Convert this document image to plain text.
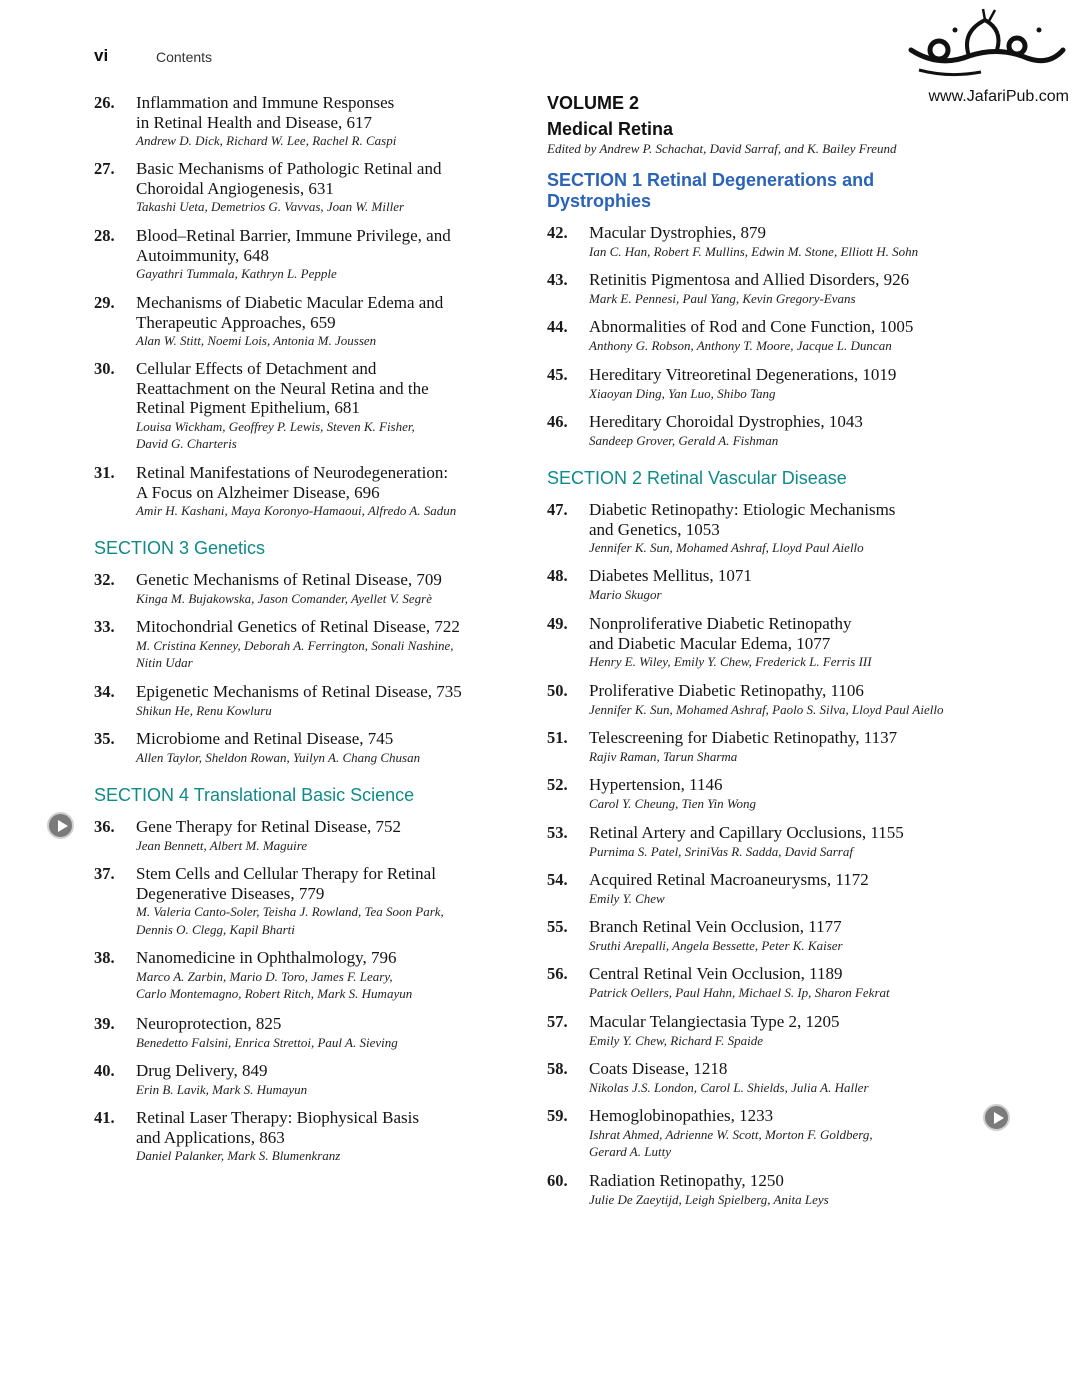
vi	Contents
www.JafariPub.com
26. Inflammation and Immune Responses
in Retinal Health and Disease, 617
Andrew D. Dick, Richard W. Lee, Rachel R. Caspi
27. Basic Mechanisms of Pathologic Retinal and
Choroidal Angiogenesis, 631
Takashi Ueta, Demetrios G. Vavvas, Joan W. Miller
28. Blood–Retinal Barrier, Immune Privilege, and
Autoimmunity, 648
Gayathri Tummala, Kathryn L. Pepple
29. Mechanisms of Diabetic Macular Edema and
Therapeutic Approaches, 659
Alan W. Stitt, Noemi Lois, Antonia M. Joussen
30. Cellular Effects of Detachment and
Reattachment on the Neural Retina and the
Retinal Pigment Epithelium, 681
Louisa Wickham, Geoffrey P. Lewis, Steven K. Fisher,
David G. Charteris
31. Retinal Manifestations of Neurodegeneration:
A Focus on Alzheimer Disease, 696
Amir H. Kashani, Maya Koronyo-Hamaoui, Alfredo A. Sadun
SECTION 3 Genetics
32. Genetic Mechanisms of Retinal Disease, 709
Kinga M. Bujakowska, Jason Comander, Ayellet V. Segrè
33. Mitochondrial Genetics of Retinal Disease, 722
M. Cristina Kenney, Deborah A. Ferrington, Sonali Nashine,
Nitin Udar
34. Epigenetic Mechanisms of Retinal Disease, 735
Shikun He, Renu Kowluru
35. Microbiome and Retinal Disease, 745
Allen Taylor, Sheldon Rowan, Yuilyn A. Chang Chusan
SECTION 4 Translational Basic Science
36. Gene Therapy for Retinal Disease, 752
Jean Bennett, Albert M. Maguire
37. Stem Cells and Cellular Therapy for Retinal
Degenerative Diseases, 779
M. Valeria Canto-Soler, Teisha J. Rowland, Tea Soon Park,
Dennis O. Clegg, Kapil Bharti
38. Nanomedicine in Ophthalmology, 796
Marco A. Zarbin, Mario D. Toro, James F. Leary,
Carlo Montemagno, Robert Ritch, Mark S. Humayun
39. Neuroprotection, 825
Benedetto Falsini, Enrica Strettoi, Paul A. Sieving
40. Drug Delivery, 849
Erin B. Lavik, Mark S. Humayun
41. Retinal Laser Therapy: Biophysical Basis
and Applications, 863
Daniel Palanker, Mark S. Blumenkranz
VOLUME 2
Medical Retina
Edited by Andrew P. Schachat, David Sarraf, and K. Bailey Freund
SECTION 1 Retinal Degenerations and
Dystrophies
42. Macular Dystrophies, 879
Ian C. Han, Robert F. Mullins, Edwin M. Stone, Elliott H. Sohn
43. Retinitis Pigmentosa and Allied Disorders, 926
Mark E. Pennesi, Paul Yang, Kevin Gregory-Evans
44. Abnormalities of Rod and Cone Function, 1005
Anthony G. Robson, Anthony T. Moore, Jacque L. Duncan
45. Hereditary Vitreoretinal Degenerations, 1019
Xiaoyan Ding, Yan Luo, Shibo Tang
46. Hereditary Choroidal Dystrophies, 1043
Sandeep Grover, Gerald A. Fishman
SECTION 2 Retinal Vascular Disease
47. Diabetic Retinopathy: Etiologic Mechanisms
and Genetics, 1053
Jennifer K. Sun, Mohamed Ashraf, Lloyd Paul Aiello
48. Diabetes Mellitus, 1071
Mario Skugor
49. Nonproliferative Diabetic Retinopathy
and Diabetic Macular Edema, 1077
Henry E. Wiley, Emily Y. Chew, Frederick L. Ferris III
50. Proliferative Diabetic Retinopathy, 1106
Jennifer K. Sun, Mohamed Ashraf, Paolo S. Silva, Lloyd Paul Aiello
51. Telescreening for Diabetic Retinopathy, 1137
Rajiv Raman, Tarun Sharma
52. Hypertension, 1146
Carol Y. Cheung, Tien Yin Wong
53. Retinal Artery and Capillary Occlusions, 1155
Purnima S. Patel, SriniVas R. Sadda, David Sarraf
54. Acquired Retinal Macroaneurysms, 1172
Emily Y. Chew
55. Branch Retinal Vein Occlusion, 1177
Sruthi Arepalli, Angela Bessette, Peter K. Kaiser
56. Central Retinal Vein Occlusion, 1189
Patrick Oellers, Paul Hahn, Michael S. Ip, Sharon Fekrat
57. Macular Telangiectasia Type 2, 1205
Emily Y. Chew, Richard F. Spaide
58. Coats Disease, 1218
Nikolas J.S. London, Carol L. Shields, Julia A. Haller
59. Hemoglobinopathies, 1233
Ishrat Ahmed, Adrienne W. Scott, Morton F. Goldberg,
Gerard A. Lutty
60. Radiation Retinopathy, 1250
Julie De Zaeytijd, Leigh Spielberg, Anita Leys
